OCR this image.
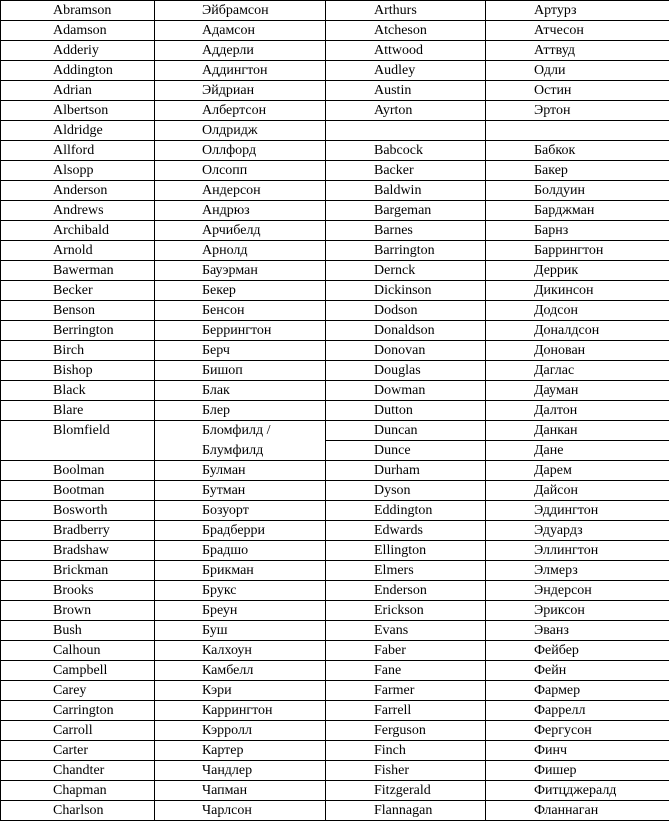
Abramson	Эйбрамсон	Arthurs	Артурз
Adamson	Адамсон	Atcheson	Атчесон
Adderiy	Аддерли	Attwood	Аттвуд
Addington	Аддингтон	Audley	Одли
Adrian	Эйдриан	Austin	Остин
Albertson	Албертсон	Ayrton	Эртон
Aldridge	Олдридж		
Allford	Оллфорд	Babcock	Бабкок
Alsopp	Олсопп	Backer	Бакер
Anderson	Андерсон	Baldwin	Болдуин
Andrews	Андрюз	Bargeman	Барджман
Archibald	Арчибелд	Barnes	Барнз
Arnold	Арнолд	Barrington	Баррингтон
Bawerman	Бауэрман	Dernck	Деррик
Becker	Бекер	Dickinson	Дикинсон
Benson	Бенсон	Dodson	Додсон
Berrington	Беррингтон	Donaldson	Доналдсон
Birch	Берч	Donovan	Донован
Bishop	Бишоп	Douglas	Даглас
Black	Блак	Dowman	Дауман
Blare	Блер	Dutton	Далтон
Blomfield	Бломфилд /	Duncan	Данкан
	Блумфилд	Dunce	Дане
Boolman	Булман	Durham	Дарем
Bootman	Бутман	Dyson	Дайсон
Bosworth	Бозуорт	Eddington	Эддингтон
Bradberry	Брадберри	Edwards	Эдуардз
Bradshaw	Брадшо	Ellington	Эллингтон
Brickman	Брикман	Elmers	Элмерз
Brooks	Брукс	Enderson	Эндерсон
Brown	Бреун	Erickson	Эриксон
Bush	Буш	Evans	Эванз
Calhoun	Калхоун	Faber	Фейбер
Campbell	Камбелл	Fane	Фейн
Carey	Кэри	Farmer	Фармер
Carrington	Каррингтон	Farrell	Фаррелл
Carroll	Кэрролл	Ferguson	Фергусон
Carter	Картер	Finch	Финч
Chandter	Чандлер	Fisher	Фишер
Chapman	Чапман	Fitzgerald	Фитцджералд
Charlson	Чарлсон	Flannagan	Фланнаган
